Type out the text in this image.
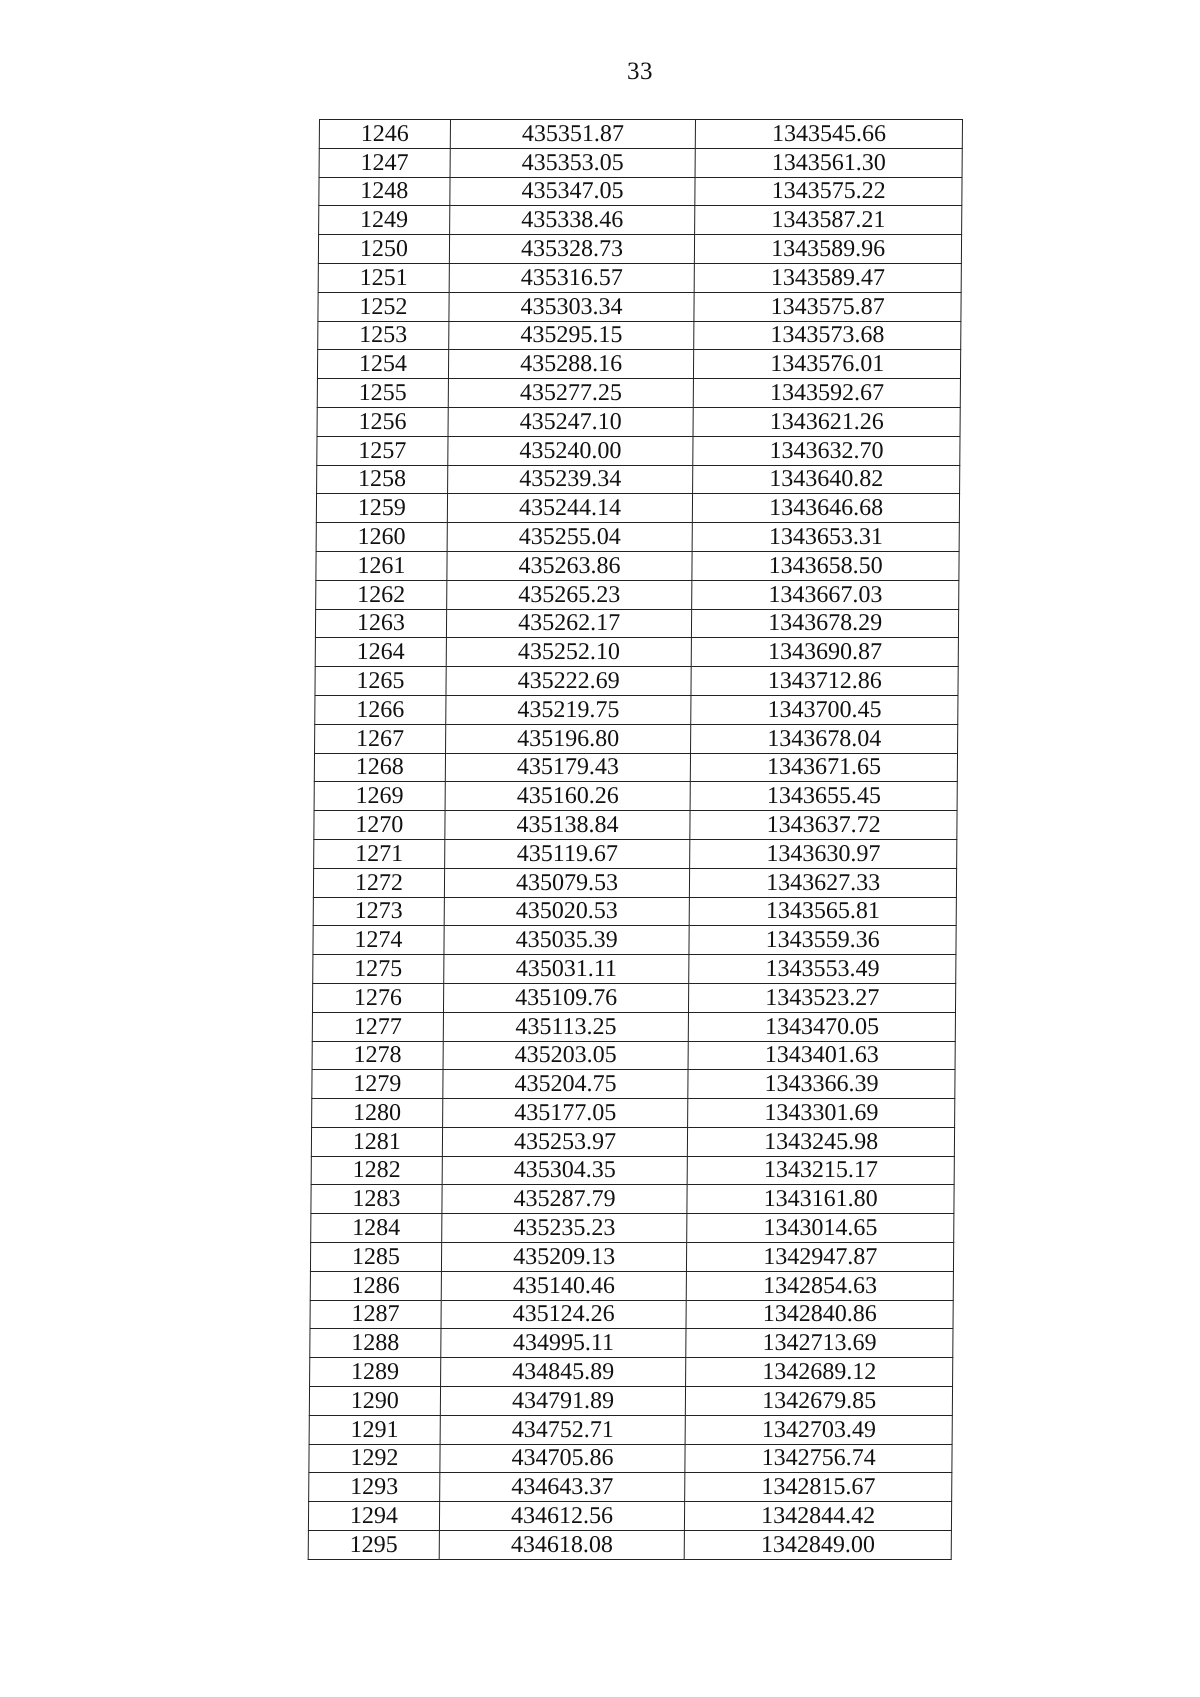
33
1246	435351.87	1343545.66
1247	435353.05	1343561.30
1248	435347.05	1343575.22
1249	435338.46	1343587.21
1250	435328.73	1343589.96
1251	435316.57	1343589.47
1252	435303.34	1343575.87
1253	435295.15	1343573.68
1254	435288.16	1343576.01
1255	435277.25	1343592.67
1256	435247.10	1343621.26
1257	435240.00	1343632.70
1258	435239.34	1343640.82
1259	435244.14	1343646.68
1260	435255.04	1343653.31
1261	435263.86	1343658.50
1262	435265.23	1343667.03
1263	435262.17	1343678.29
1264	435252.10	1343690.87
1265	435222.69	1343712.86
1266	435219.75	1343700.45
1267	435196.80	1343678.04
1268	435179.43	1343671.65
1269	435160.26	1343655.45
1270	435138.84	1343637.72
1271	435119.67	1343630.97
1272	435079.53	1343627.33
1273	435020.53	1343565.81
1274	435035.39	1343559.36
1275	435031.11	1343553.49
1276	435109.76	1343523.27
1277	435113.25	1343470.05
1278	435203.05	1343401.63
1279	435204.75	1343366.39
1280	435177.05	1343301.69
1281	435253.97	1343245.98
1282	435304.35	1343215.17
1283	435287.79	1343161.80
1284	435235.23	1343014.65
1285	435209.13	1342947.87
1286	435140.46	1342854.63
1287	435124.26	1342840.86
1288	434995.11	1342713.69
1289	434845.89	1342689.12
1290	434791.89	1342679.85
1291	434752.71	1342703.49
1292	434705.86	1342756.74
1293	434643.37	1342815.67
1294	434612.56	1342844.42
1295	434618.08	1342849.00
